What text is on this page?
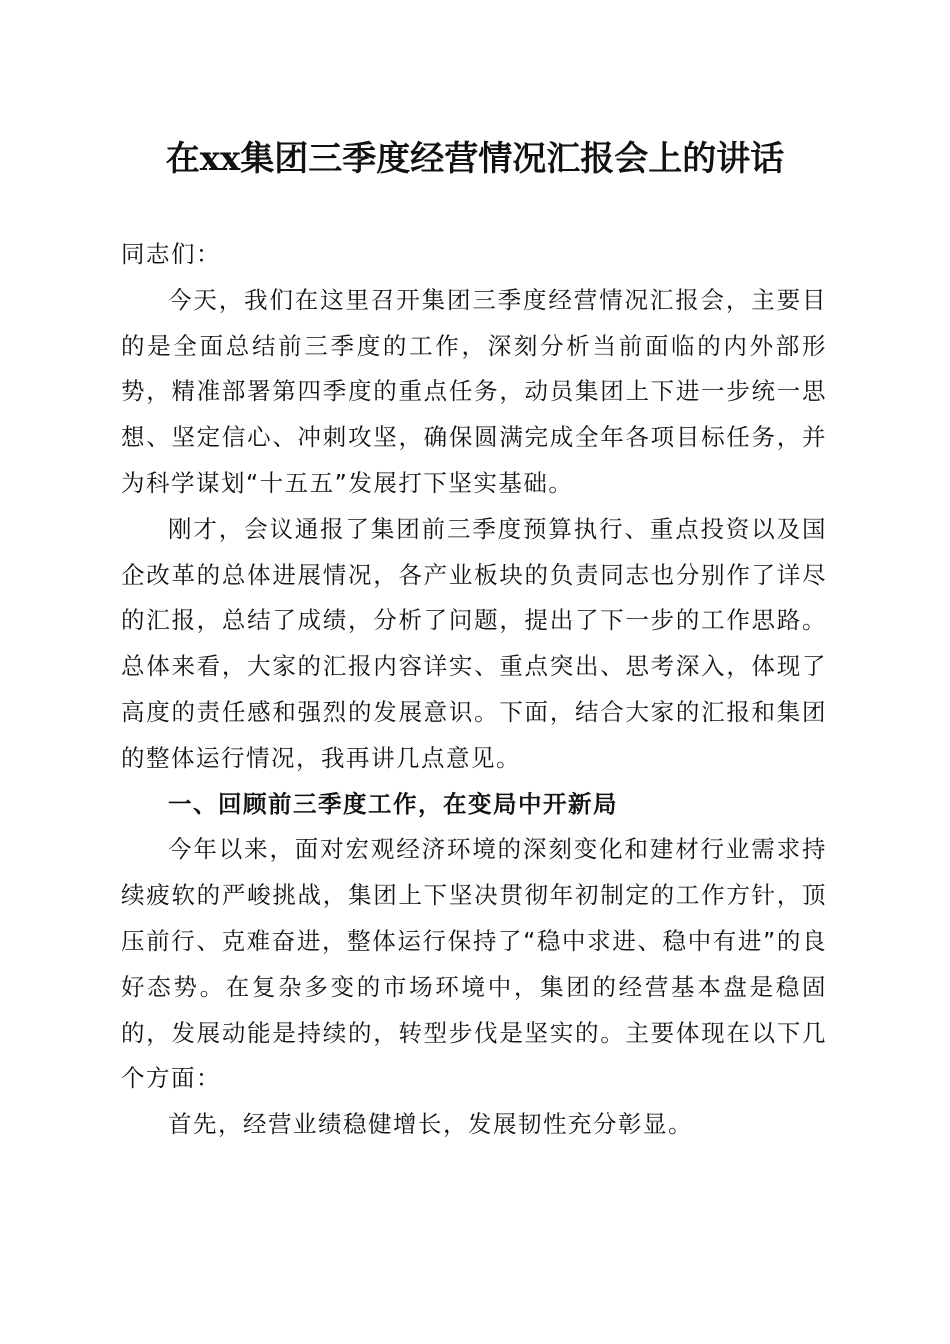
在xx集团三季度经营情况汇报会上的讲话

同志们：

今天，我们在这里召开集团三季度经营情况汇报会，主要目的是全面总结前三季度的工作，深刻分析当前面临的内外部形势，精准部署第四季度的重点任务，动员集团上下进一步统一思想、坚定信心、冲刺攻坚，确保圆满完成全年各项目标任务，并为科学谋划“十五五”发展打下坚实基础。

刚才，会议通报了集团前三季度预算执行、重点投资以及国企改革的总体进展情况，各产业板块的负责同志也分别作了详尽的汇报，总结了成绩，分析了问题，提出了下一步的工作思路。总体来看，大家的汇报内容详实、重点突出、思考深入，体现了高度的责任感和强烈的发展意识。下面，结合大家的汇报和集团的整体运行情况，我再讲几点意见。

一、回顾前三季度工作，在变局中开新局

今年以来，面对宏观经济环境的深刻变化和建材行业需求持续疲软的严峻挑战，集团上下坚决贯彻年初制定的工作方针，顶压前行、克难奋进，整体运行保持了“稳中求进、稳中有进”的良好态势。在复杂多变的市场环境中，集团的经营基本盘是稳固的，发展动能是持续的，转型步伐是坚实的。主要体现在以下几个方面：

首先，经营业绩稳健增长，发展韧性充分彰显。
